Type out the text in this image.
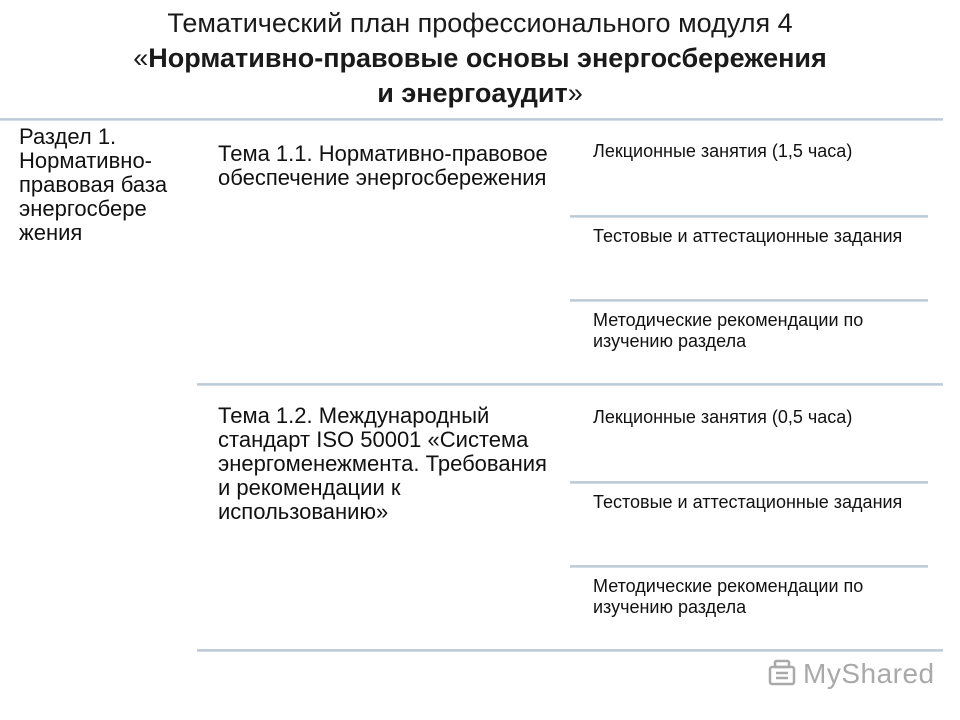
Тематический план профессионального модуля 4
«Нормативно-правовые основы энергосбережения
и энергоаудит»
Раздел 1. Нормативно-правовая база энергосбере жения
Тема 1.1. Нормативно-правовое обеспечение энергосбережения
Лекционные занятия (1,5 часа)
Тестовые и аттестационные задания
Методические рекомендации по изучению раздела
Тема 1.2. Международный стандарт ISO 50001 «Система энергоменежмента. Требования и рекомендации к использованию»
Лекционные занятия (0,5 часа)
Тестовые и аттестационные задания
Методические рекомендации по изучению раздела
MyShared
